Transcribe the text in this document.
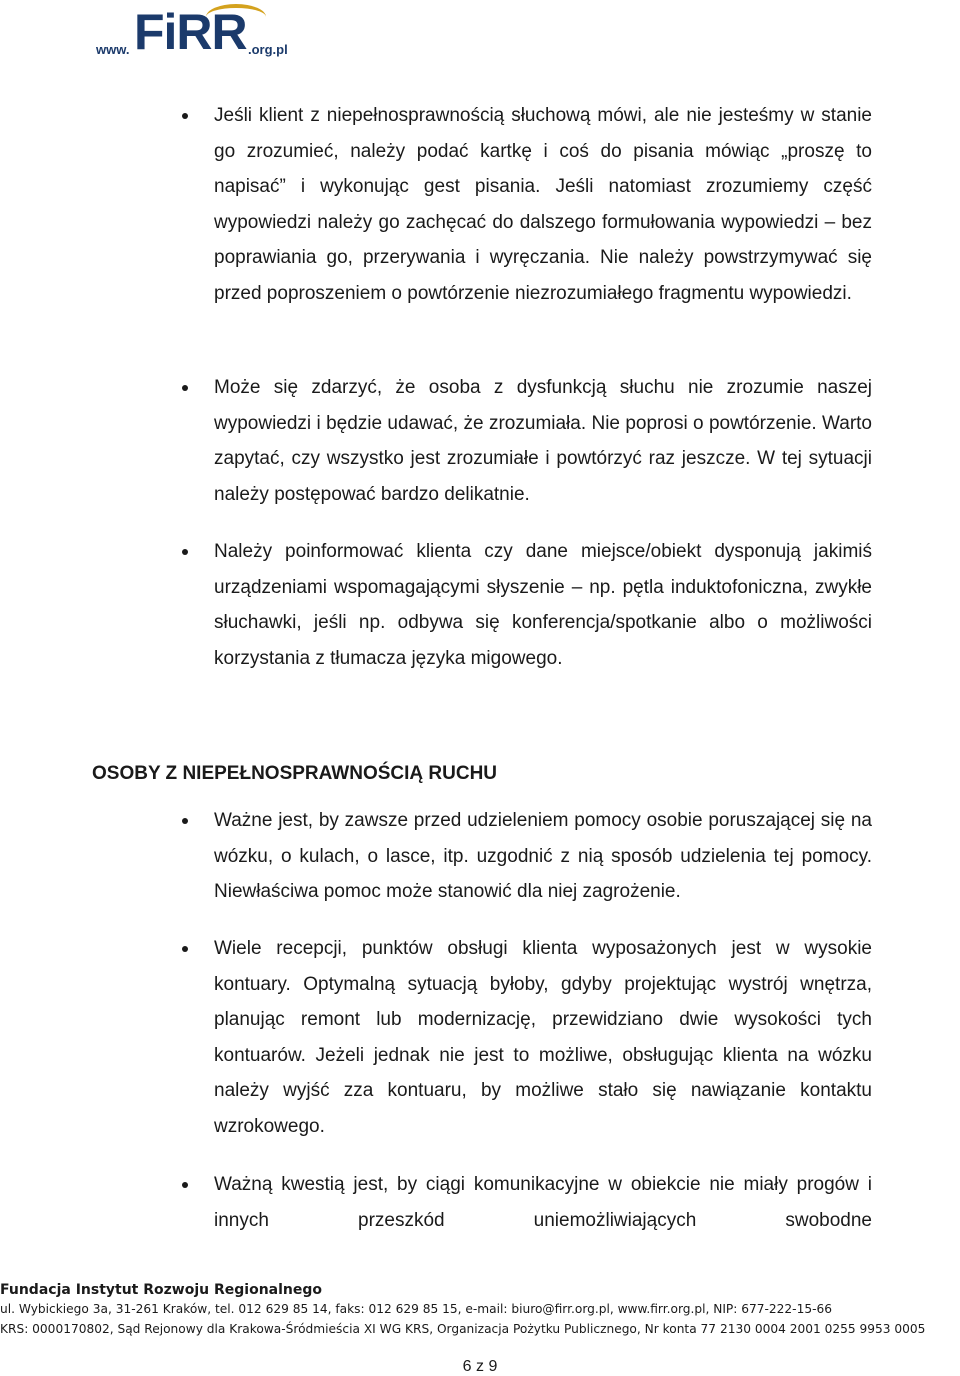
www. FiRR .org.pl

Jeśli klient z niepełnosprawnością słuchową mówi, ale nie jesteśmy w stanie go zrozumieć, należy podać kartkę i coś do pisania mówiąc „proszę to napisać” i wykonując gest pisania. Jeśli natomiast zrozumiemy część wypowiedzi należy go zachęcać do dalszego formułowania wypowiedzi – bez poprawiania go, przerywania i wyręczania. Nie należy powstrzymywać się przed poproszeniem o powtórzenie niezrozumiałego fragmentu wypowiedzi.

Może się zdarzyć, że osoba z dysfunkcją słuchu nie zrozumie naszej wypowiedzi i będzie udawać, że zrozumiała. Nie poprosi o powtórzenie. Warto zapytać, czy wszystko jest zrozumiałe i powtórzyć raz jeszcze. W tej sytuacji należy postępować bardzo delikatnie.

Należy poinformować klienta czy dane miejsce/obiekt dysponują jakimiś urządzeniami wspomagającymi słyszenie – np. pętla induktofoniczna, zwykłe słuchawki, jeśli np. odbywa się konferencja/spotkanie albo o możliwości korzystania z tłumacza języka migowego.

OSOBY Z NIEPEŁNOSPRAWNOŚCIĄ RUCHU

Ważne jest, by zawsze przed udzieleniem pomocy osobie poruszającej się na wózku, o kulach, o lasce, itp. uzgodnić z nią sposób udzielenia tej pomocy. Niewłaściwa pomoc może stanowić dla niej zagrożenie.

Wiele recepcji, punktów obsługi klienta wyposażonych jest w wysokie kontuary. Optymalną sytuacją byłoby, gdyby projektując wystrój wnętrza, planując remont lub modernizację, przewidziano dwie wysokości tych kontuarów. Jeżeli jednak nie jest to możliwe, obsługując klienta na wózku należy wyjść zza kontuaru, by możliwe stało się nawiązanie kontaktu wzrokowego.

Ważną kwestią jest, by ciągi komunikacyjne w obiekcie nie miały progów i innych przeszkód uniemożliwiających swobodne

Fundacja Instytut Rozwoju Regionalnego
ul. Wybickiego 3a, 31-261 Kraków, tel. 012 629 85 14, faks: 012 629 85 15, e-mail: biuro@firr.org.pl, www.firr.org.pl, NIP: 677-222-15-66
KRS: 0000170802, Sąd Rejonowy dla Krakowa-Śródmieścia XI WG KRS, Organizacja Pożytku Publicznego, Nr konta 77 2130 0004 2001 0255 9953 0005
6 z 9
